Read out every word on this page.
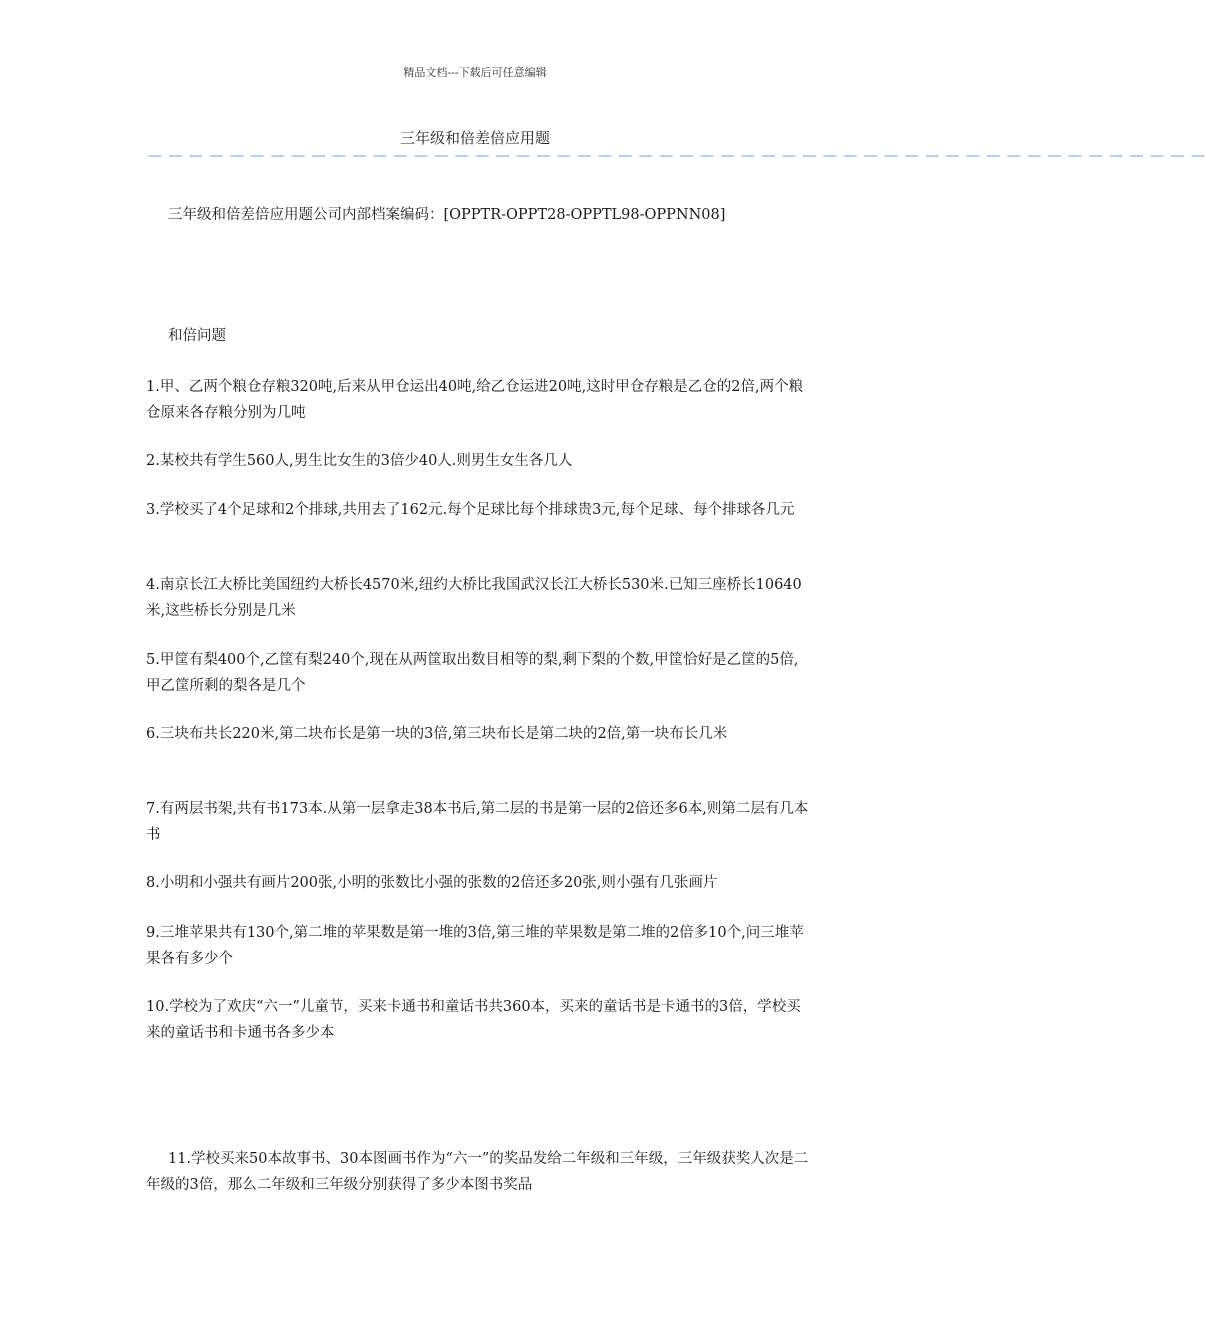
精品文档---下载后可任意编辑
三年级和倍差倍应用题
— — — — — — — — — — — — — — — — — — — — — — — — — — — — — — — — — — — — — — — — — — — — — — — — — — — —
三年级和倍差倍应用题公司内部档案编码：[OPPTR-OPPT28-OPPTL98-OPPNN08]
和倍问题

1.甲、乙两个粮仓存粮320吨,后来从甲仓运出40吨,给乙仓运进20吨,这时甲仓存粮是乙仓的2倍,两个粮仓原来各存粮分别为几吨

2.某校共有学生560人,男生比女生的3倍少40人.则男生女生各几人

3.学校买了4个足球和2个排球,共用去了162元.每个足球比每个排球贵3元,每个足球、每个排球各几元

4.南京长江大桥比美国纽约大桥长4570米,纽约大桥比我国武汉长江大桥长530米.已知三座桥长10640米,这些桥长分别是几米

5.甲筐有梨400个,乙筐有梨240个,现在从两筐取出数目相等的梨,剩下梨的个数,甲筐恰好是乙筐的5倍,甲乙筐所剩的梨各是几个

6.三块布共长220米,第二块布长是第一块的3倍,第三块布长是第二块的2倍,第一块布长几米

7.有两层书架,共有书173本.从第一层拿走38本书后,第二层的书是第一层的2倍还多6本,则第二层有几本书

8.小明和小强共有画片200张,小明的张数比小强的张数的2倍还多20张,则小强有几张画片

9.三堆苹果共有130个,第二堆的苹果数是第一堆的3倍,第三堆的苹果数是第二堆的2倍多10个,问三堆苹果各有多少个

10.学校为了欢庆“六一”儿童节，买来卡通书和童话书共360本，买来的童话书是卡通书的3倍，学校买来的童话书和卡通书各多少本

11.学校买来50本故事书、30本图画书作为“六一”的奖品发给二年级和三年级，三年级获奖人次是二年级的3倍，那么二年级和三年级分别获得了多少本图书奖品
